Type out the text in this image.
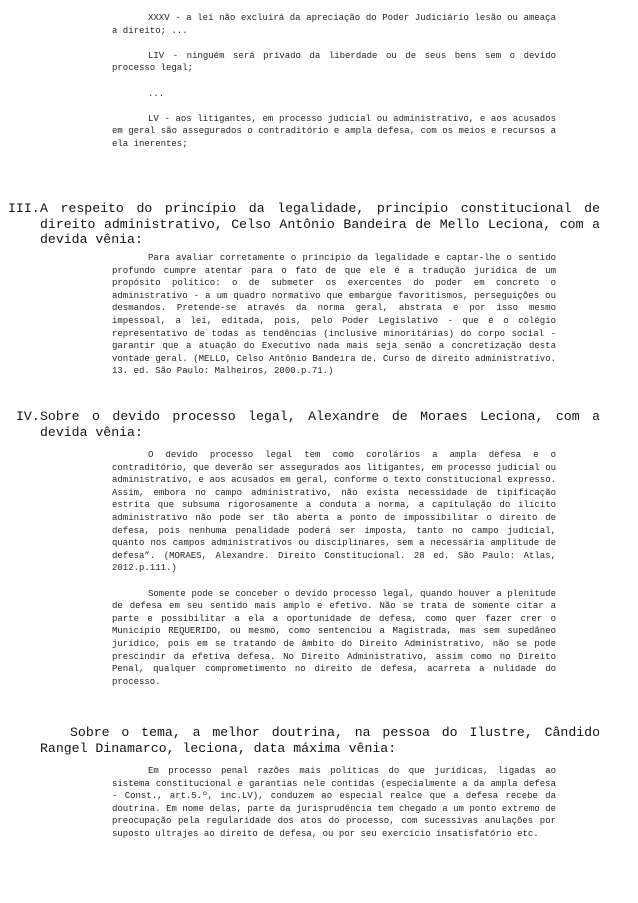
XXXV - a lei não excluirá da apreciação do Poder Judiciário lesão ou ameaça a direito; ...

LIV - ninguém será privado da liberdade ou de seus bens sem o devido processo legal;

...

LV - aos litigantes, em processo judicial ou administrativo, e aos acusados em geral são assegurados o contraditório e ampla defesa, com os meios e recursos a ela inerentes;

III. A respeito do princípio da legalidade, princípio constitucional de direito administrativo, Celso Antônio Bandeira de Mello Leciona, com a devida vênia:

Para avaliar corretamente o princípio da legalidade e captar-lhe o sentido profundo cumpre atentar para o fato de que ele é a tradução jurídica de um propósito político: o de submeter os exercentes do poder em concreto o administrativo - a um quadro normativo que embargue favoritismos, perseguições ou desmandos. Pretende-se através da norma geral, abstrata e por isso mesmo impessoal, a lei, editada, pois, pelo Poder Legislativo - que é o colégio representativo de todas as tendências (inclusive minoritárias) do corpo social - garantir que a atuação do Executivo nada mais seja senão a concretização desta vontade geral. (MELLO, Celso Antônio Bandeira de. Curso de direito administrativo. 13. ed. São Paulo: Malheiros, 2000.p.71.)

IV. Sobre o devido processo legal, Alexandre de Moraes Leciona, com a devida vênia:

O devido processo legal tem como corolários a ampla defesa e o contraditório, que deverão ser assegurados aos litigantes, em processo judicial ou administrativo, e aos acusados em geral, conforme o texto constitucional expresso. Assim, embora no campo administrativo, não exista necessidade de tipificação estrita que subsuma rigorosamente a conduta a norma, a capitulação do ilícito administrativo não pode ser tão aberta a ponto de impossibilitar o direito de defesa, pois nenhuma penalidade poderá ser imposta, tanto no campo judicial, quanto nos campos administrativos ou disciplinares, sem a necessária amplitude de defesa”. (MORAES, Alexandre. Direito Constitucional. 28 ed. São Paulo: Atlas, 2012.p.111.)

Somente pode se conceber o devido processo legal, quando houver a plenitude de defesa em seu sentido mais amplo e efetivo. Não se trata de somente citar a parte e possibilitar a ela a oportunidade de defesa, como quer fazer crer o Município REQUERIDO, ou mesmo, como sentenciou a Magistrada, mas sem supedâneo jurídico, pois em se tratando de âmbito do Direito Administrativo, não se pode prescindir da efetiva defesa. No Direito Administrativo, assim como no Direito Penal, qualquer comprometimento no direito de defesa, acarreta a nulidade do processo.

Sobre o tema, a melhor doutrina, na pessoa do Ilustre, Cândido Rangel Dinamarco, leciona, data máxima vênia:

Em processo penal razões mais políticas do que jurídicas, ligadas ao sistema constitucional e garantias nele contidas (especialmente a da ampla defesa - Const., art.5.º, inc.LV), conduzem ao especial realce que a defesa recebe da doutrina. Em nome delas, parte da jurisprudência tem chegado a um ponto extremo de preocupação pela regularidade dos atos do processo, com sucessivas anulações por suposto ultrajes ao direito de defesa, ou por seu exercício insatisfatório etc.
